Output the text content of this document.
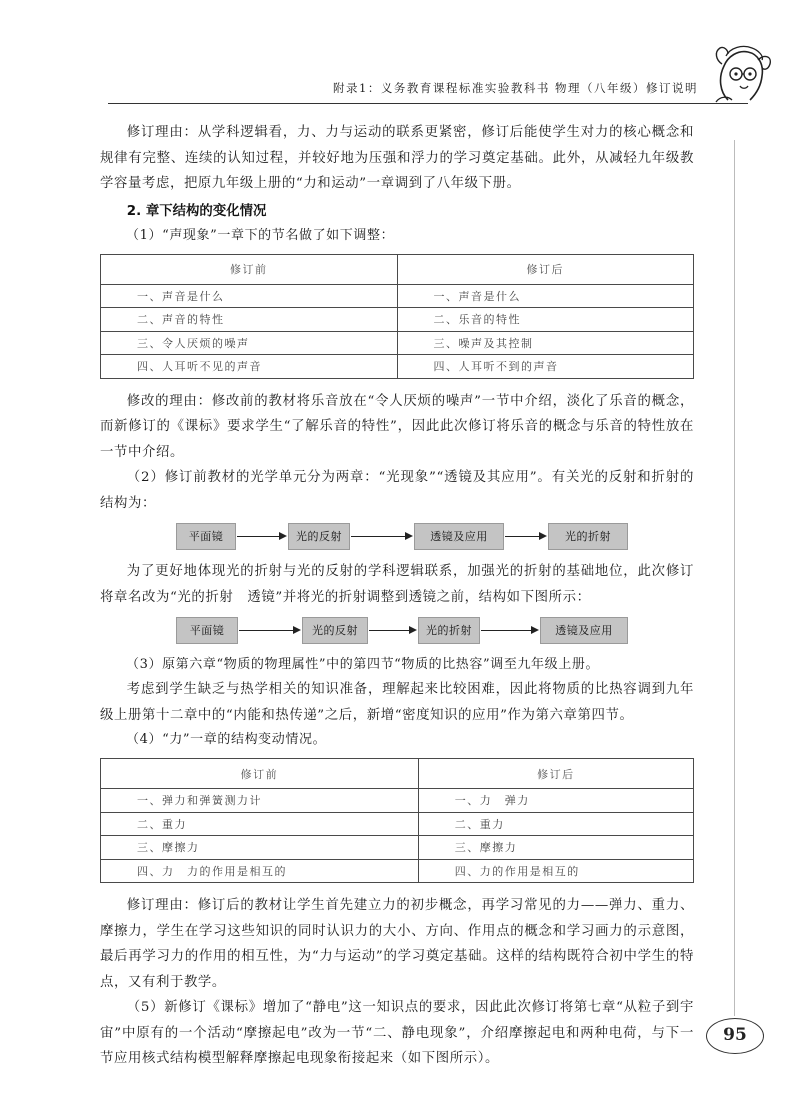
附录1：义务教育课程标准实验教科书 物理（八年级）修订说明

修订理由：从学科逻辑看，力、力与运动的联系更紧密，修订后能使学生对力的核心概念和规律有完整、连续的认知过程，并较好地为压强和浮力的学习奠定基础。此外，从减轻九年级教学容量考虑，把原九年级上册的“力和运动”一章调到了八年级下册。

2. 章下结构的变化情况
（1）“声现象”一章下的节名做了如下调整：
修订前	修订后
一、声音是什么	一、声音是什么
二、声音的特性	二、乐音的特性
三、令人厌烦的噪声	三、噪声及其控制
四、人耳听不见的声音	四、人耳听不到的声音

修改的理由：修改前的教材将乐音放在“令人厌烦的噪声”一节中介绍，淡化了乐音的概念，而新修订的《课标》要求学生“了解乐音的特性”，因此此次修订将乐音的概念与乐音的特性放在一节中介绍。

（2）修订前教材的光学单元分为两章：“光现象”“透镜及其应用”。有关光的反射和折射的结构为：

平面镜	光的反射	透镜及应用	光的折射

为了更好地体现光的折射与光的反射的学科逻辑联系，加强光的折射的基础地位，此次修订将章名改为“光的折射　透镜”并将光的折射调整到透镜之前，结构如下图所示：

平面镜	光的反射	光的折射	透镜及应用
（3）原第六章“物质的物理属性”中的第四节“物质的比热容”调至九年级上册。

考虑到学生缺乏与热学相关的知识准备，理解起来比较困难，因此将物质的比热容调到九年级上册第十二章中的“内能和热传递”之后，新增“密度知识的应用”作为第六章第四节。

（4）“力”一章的结构变动情况。
修订前	修订后
一、弹力和弹簧测力计	一、力　弹力
二、重力	二、重力
三、摩擦力	三、摩擦力
四、力　力的作用是相互的	四、力的作用是相互的

修订理由：修订后的教材让学生首先建立力的初步概念，再学习常见的力——弹力、重力、摩擦力，学生在学习这些知识的同时认识力的大小、方向、作用点的概念和学习画力的示意图，最后再学习力的作用的相互性，为“力与运动”的学习奠定基础。这样的结构既符合初中学生的特点，又有利于教学。

（5）新修订《课标》增加了“静电”这一知识点的要求，因此此次修订将第七章“从粒子到宇宙”中原有的一个活动“摩擦起电”改为一节“二、静电现象”，介绍摩擦起电和两种电荷，与下一节应用核式结构模型解释摩擦起电现象衔接起来（如下图所示）。

95
